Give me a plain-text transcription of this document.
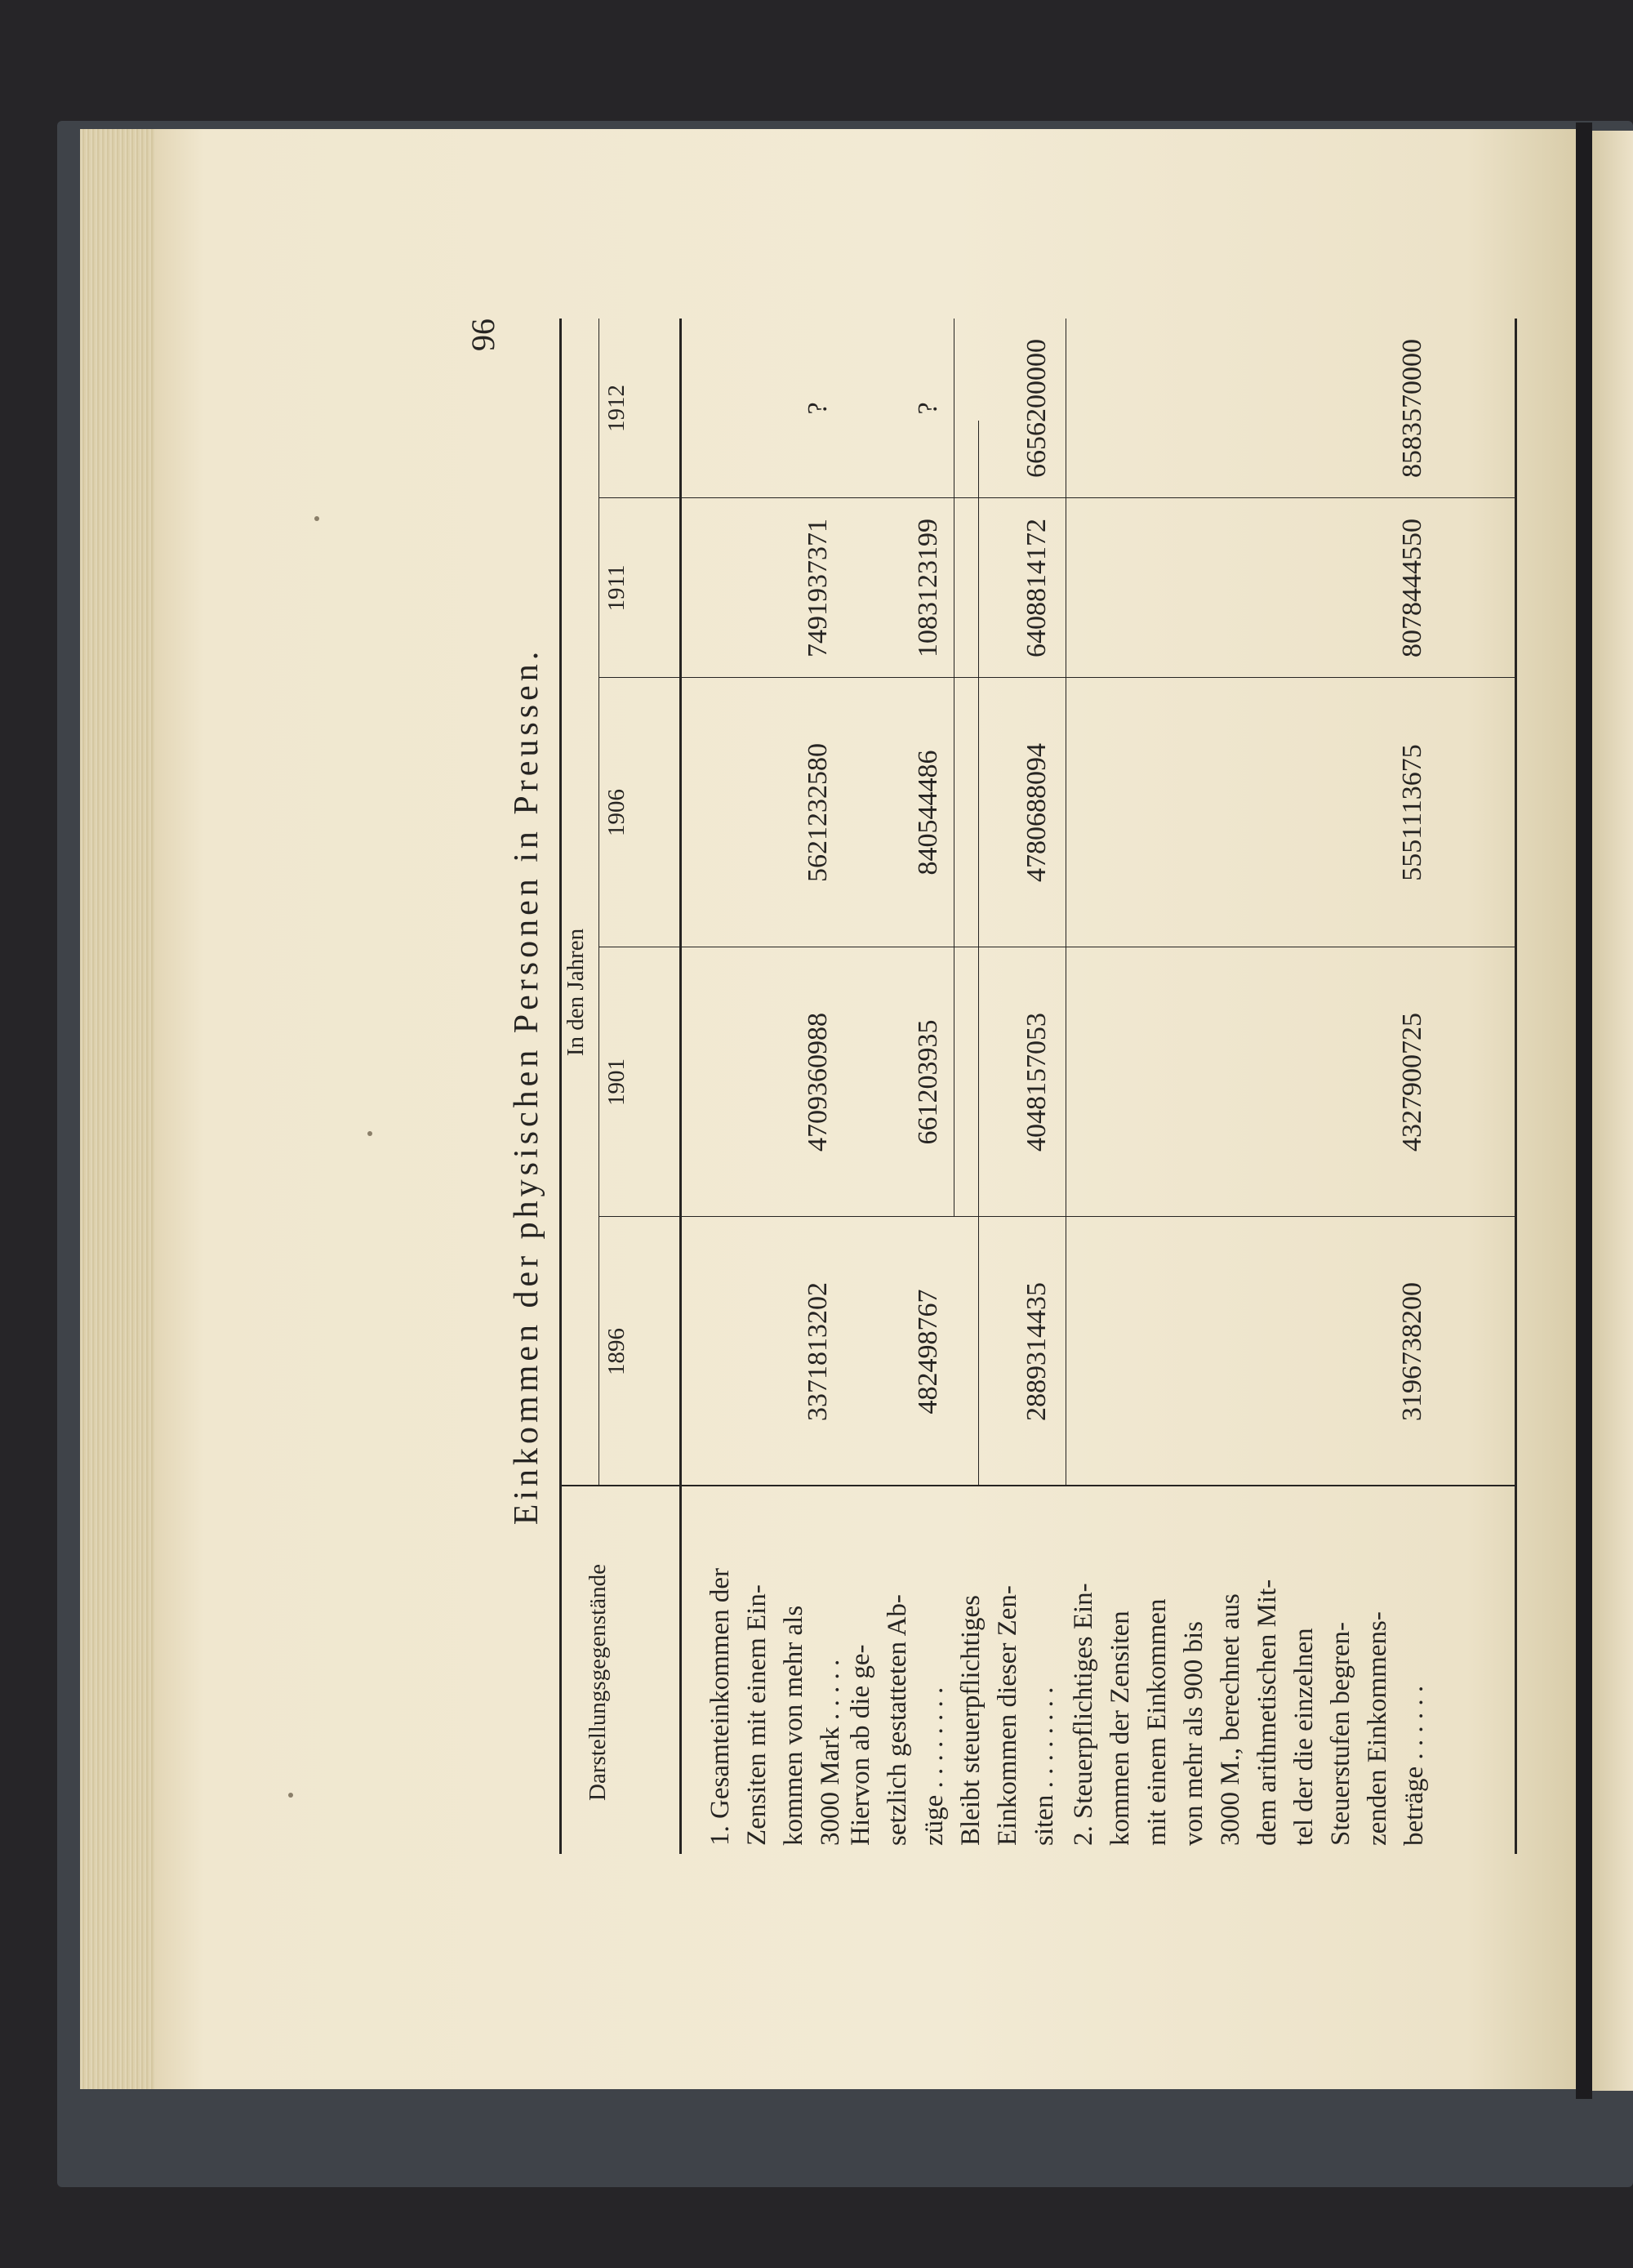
96
Einkommen der physischen Personen in Preussen.
Darstellungsgegenstände
In den Jahren
1896
1901
1906
1911
1912
1. Gesamteinkommen der Zensiten mit einem Ein- kommen von mehr als 3000 Mark . . . . . Hiervon ab die ge- setzlich gestatteten Ab- züge . . . . . . . . Bleibt steuerpflichtiges Einkommen dieser Zen- siten . . . . . . . . 2. Steuerpflichtiges Ein- kommen der Zensiten mit einem Einkommen von mehr als 900 bis 3000 M., berechnet aus dem arithmetischen Mit- tel der die einzelnen Steuerstufen begren- zenden Einkommens- beträge . . . . . .
3371813202
4709360988
5621232580
7491937371
?
482498767
661203935
840544486
1083123199
?
2889314435
4048157053
4780688094
6408814172
6656200000
3196738200
4327900725
5551113675
8078444550
8583570000
